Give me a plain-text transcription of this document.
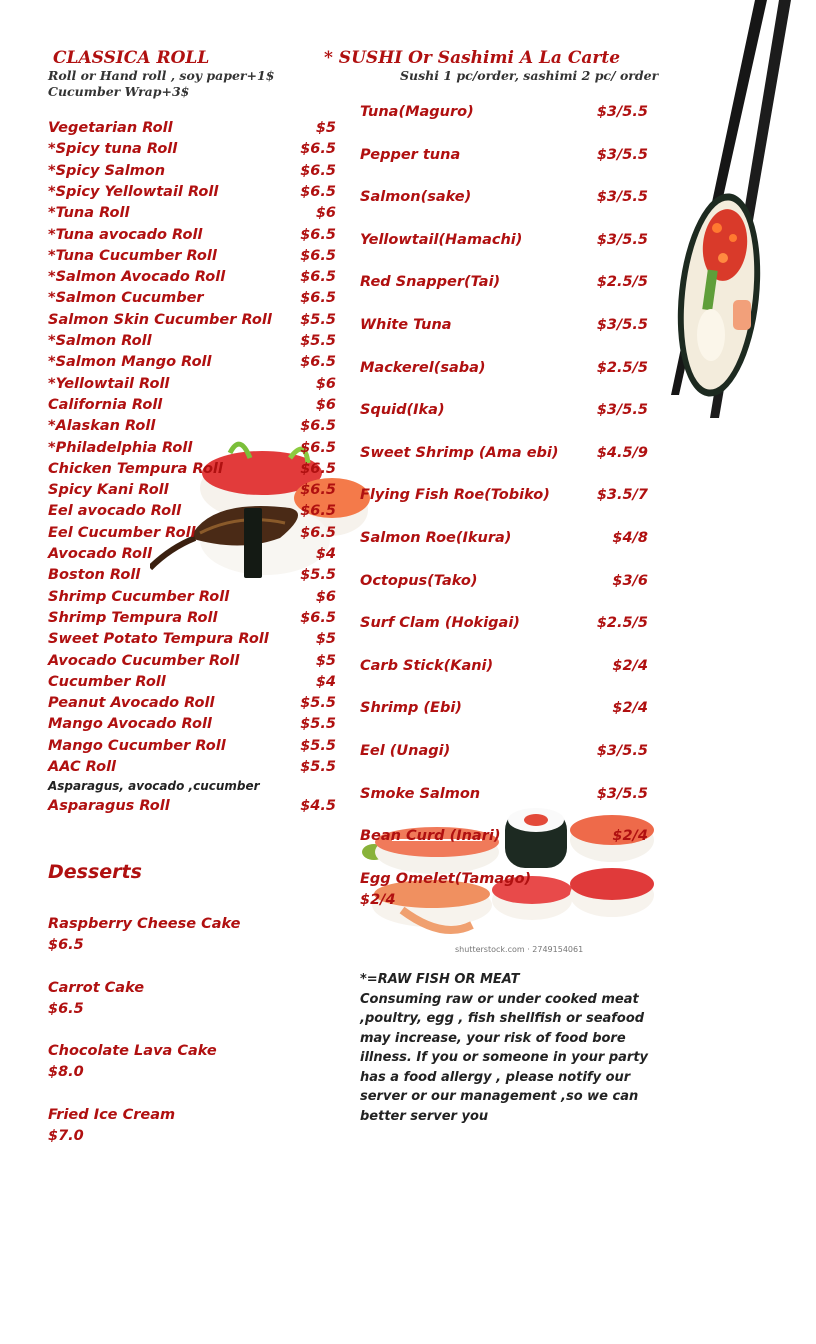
shutterstock.com · 2749154061
CLASSICA ROLL
Roll or Hand roll , soy paper+1$
Cucumber Wrap+3$
Vegetarian Roll	$5
*Spicy tuna Roll	$6.5
*Spicy Salmon	$6.5
*Spicy Yellowtail Roll	$6.5
*Tuna Roll	$6
*Tuna avocado Roll	$6.5
*Tuna Cucumber Roll	$6.5
*Salmon Avocado Roll	$6.5
*Salmon Cucumber	$6.5
Salmon Skin Cucumber Roll	$5.5
*Salmon Roll	$5.5
*Salmon Mango Roll	$6.5
*Yellowtail Roll	$6
California Roll	$6
*Alaskan Roll	$6.5
*Philadelphia Roll	$6.5
Chicken Tempura Roll	$6.5
Spicy Kani Roll	$6.5
Eel avocado Roll	$6.5
Eel Cucumber Roll	$6.5
Avocado Roll	$4
Boston Roll	$5.5
Shrimp Cucumber Roll	$6
Shrimp Tempura Roll	$6.5
Sweet Potato Tempura Roll	$5
Avocado Cucumber Roll	$5
Cucumber Roll	$4
Peanut Avocado Roll	$5.5
Mango Avocado Roll	$5.5
Mango Cucumber Roll	$5.5
AAC Roll	$5.5
Asparagus, avocado ,cucumber
Asparagus Roll	$4.5
Desserts
Raspberry Cheese Cake
$6.5
Carrot Cake
$6.5
Chocolate Lava Cake
$8.0
Fried Ice Cream
$7.0
* SUSHI Or Sashimi A La Carte
Sushi 1 pc/order, sashimi 2 pc/ order
Tuna(Maguro)	$3/5.5
Pepper tuna	$3/5.5
Salmon(sake)	$3/5.5
Yellowtail(Hamachi)	$3/5.5
Red Snapper(Tai)	$2.5/5
White Tuna	$3/5.5
Mackerel(saba)	$2.5/5
Squid(Ika)	$3/5.5
Sweet Shrimp (Ama ebi)	$4.5/9
Flying Fish Roe(Tobiko)	$3.5/7
Salmon Roe(Ikura)	$4/8
Octopus(Tako)	$3/6
Surf Clam (Hokigai)	$2.5/5
Carb Stick(Kani)	$2/4
Shrimp (Ebi)	$2/4
Eel (Unagi)	$3/5.5
Smoke Salmon	$3/5.5
Bean Curd (Inari)	$2/4
Egg Omelet(Tamago)
$2/4
*=RAW FISH OR MEAT
Consuming raw or under cooked meat ,poultry, egg , fish shellfish or seafood may increase, your risk of food bore illness. If you or someone in your party has a food allergy , please notify our server or our management ,so we can better server you
